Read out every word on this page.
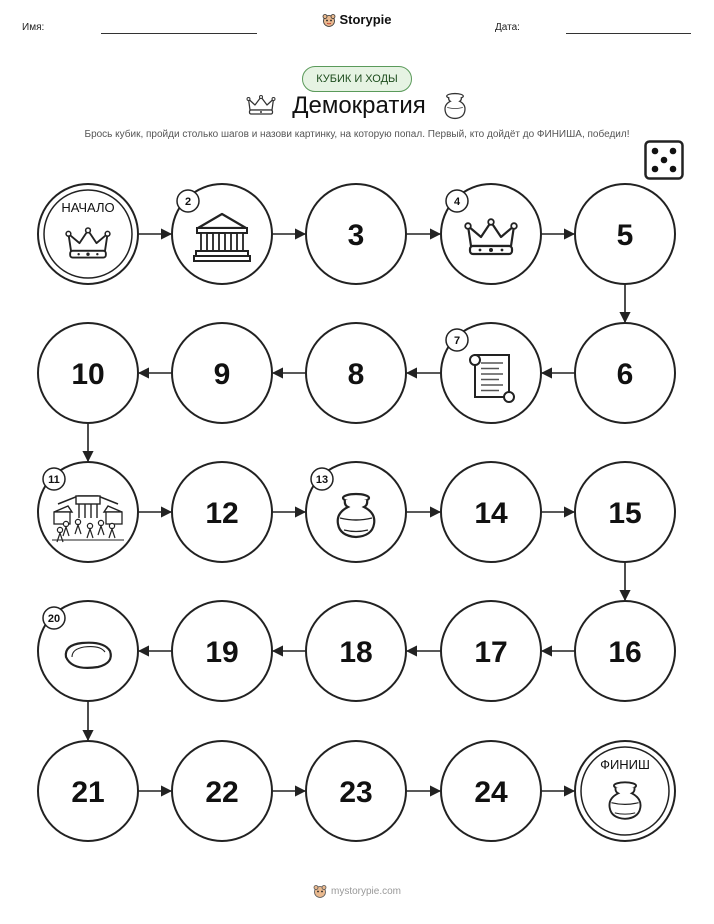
Имя:
Storypie
Дата:
КУБИК И ХОДЫ
Демократия
Брось кубик, пройди столько шагов и назови картинку, на которую попал. Первый, кто дойдёт до ФИНИША, победил!
НАЧАЛО	2
3
4
5
6
7
8
9
10
11
12
13
14	15
16
17
18
19
20
21	22	23	24
ФИНИШ
mystorypie.com
